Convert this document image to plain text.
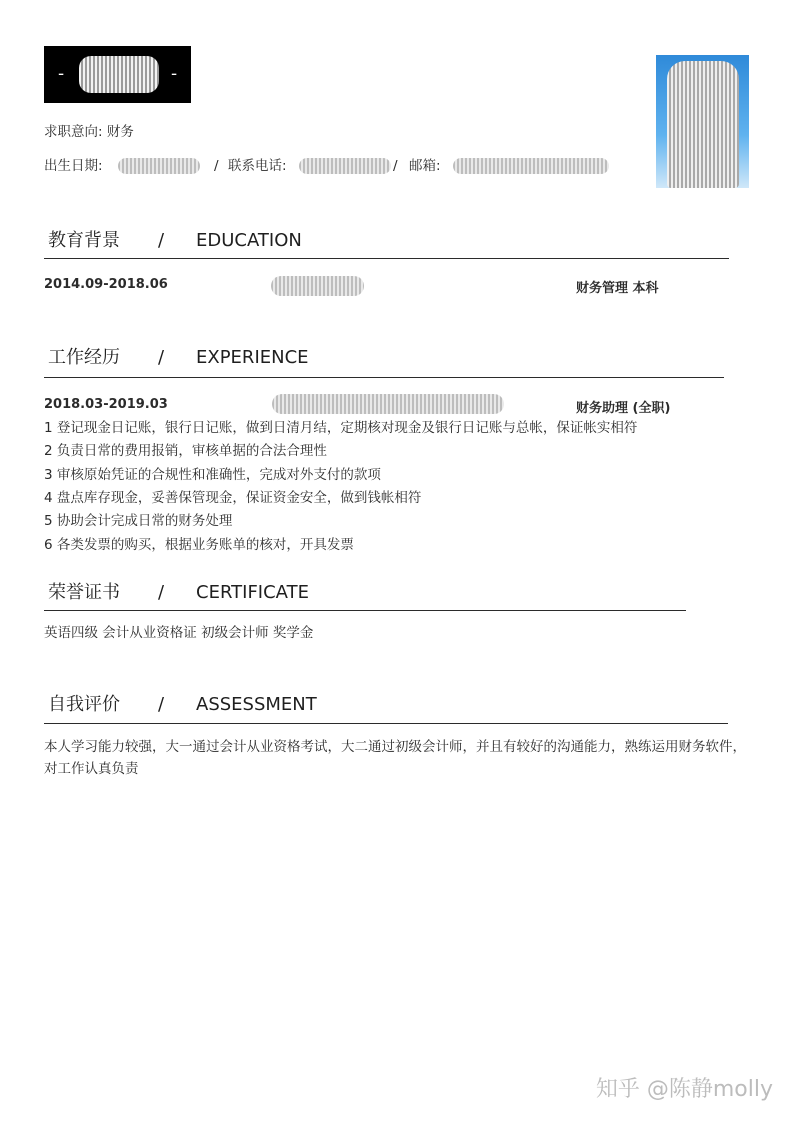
-	-
求职意向: 财务
出生日期:	/ 联系电话:	/ 邮箱:
教育背景 / EDUCATION
2014.09-2018.06	财务管理 本科
工作经历 / EXPERIENCE
2018.03-2019.03	财务助理 (全职)
1 登记现金日记账，银行日记账，做到日清月结，定期核对现金及银行日记账与总帐，保证帐实相符
2 负责日常的费用报销，审核单据的合法合理性
3 审核原始凭证的合规性和准确性，完成对外支付的款项
4 盘点库存现金，妥善保管现金，保证资金安全，做到钱帐相符
5 协助会计完成日常的财务处理
6 各类发票的购买，根据业务账单的核对，开具发票
荣誉证书 / CERTIFICATE
英语四级 会计从业资格证 初级会计师 奖学金
自我评价 / ASSESSMENT
本人学习能力较强，大一通过会计从业资格考试，大二通过初级会计师，并且有较好的沟通能力，熟练运用财务软件，对工作认真负责
知乎 @陈静molly
